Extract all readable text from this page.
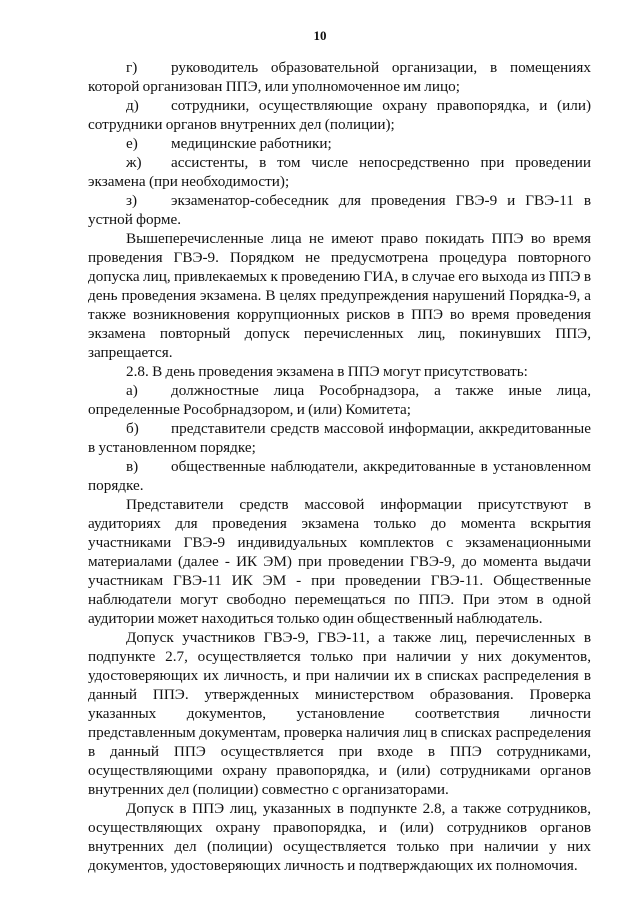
10

г) руководитель образовательной организации, в помещениях которой организован ППЭ, или уполномоченное им лицо;

д) сотрудники, осуществляющие охрану правопорядка, и (или) сотрудники органов внутренних дел (полиции);

е) медицинские работники;

ж) ассистенты, в том числе непосредственно при проведении экзамена (при необходимости);

з) экзаменатор-собеседник для проведения ГВЭ-9 и ГВЭ-11 в устной форме.

Вышеперечисленные лица не имеют право покидать ППЭ во время проведения ГВЭ-9. Порядком не предусмотрена процедура повторного допуска лиц, привлекаемых к проведению ГИА, в случае его выхода из ППЭ в день проведения экзамена. В целях предупреждения нарушений Порядка-9, а также возникновения коррупционных рисков в ППЭ во время проведения экзамена повторный допуск перечисленных лиц, покинувших ППЭ, запрещается.

2.8. В день проведения экзамена в ППЭ могут присутствовать:

а) должностные лица Рособрнадзора, а также иные лица, определенные Рособрнадзором, и (или) Комитета;

б) представители средств массовой информации, аккредитованные в установленном порядке;

в) общественные наблюдатели, аккредитованные в установленном порядке.

Представители средств массовой информации присутствуют в аудиториях для проведения экзамена только до момента вскрытия участниками ГВЭ-9 индивидуальных комплектов с экзаменационными материалами (далее - ИК ЭМ) при проведении ГВЭ-9, до момента выдачи участникам ГВЭ-11 ИК ЭМ - при проведении ГВЭ-11. Общественные наблюдатели могут свободно перемещаться по ППЭ. При этом в одной аудитории может находиться только один общественный наблюдатель.

Допуск участников ГВЭ-9, ГВЭ-11, а также лиц, перечисленных в подпункте 2.7, осуществляется только при наличии у них документов, удостоверяющих их личность, и при наличии их в списках распределения в данный ППЭ. утвержденных министерством образования. Проверка указанных документов, установление соответствия личности представленным документам, проверка наличия лиц в списках распределения в данный ППЭ осуществляется при входе в ППЭ сотрудниками, осуществляющими охрану правопорядка, и (или) сотрудниками органов внутренних дел (полиции) совместно с организаторами.

Допуск в ППЭ лиц, указанных в подпункте 2.8, а также сотрудников, осуществляющих охрану правопорядка, и (или) сотрудников органов внутренних дел (полиции) осуществляется только при наличии у них документов, удостоверяющих личность и подтверждающих их полномочия.
